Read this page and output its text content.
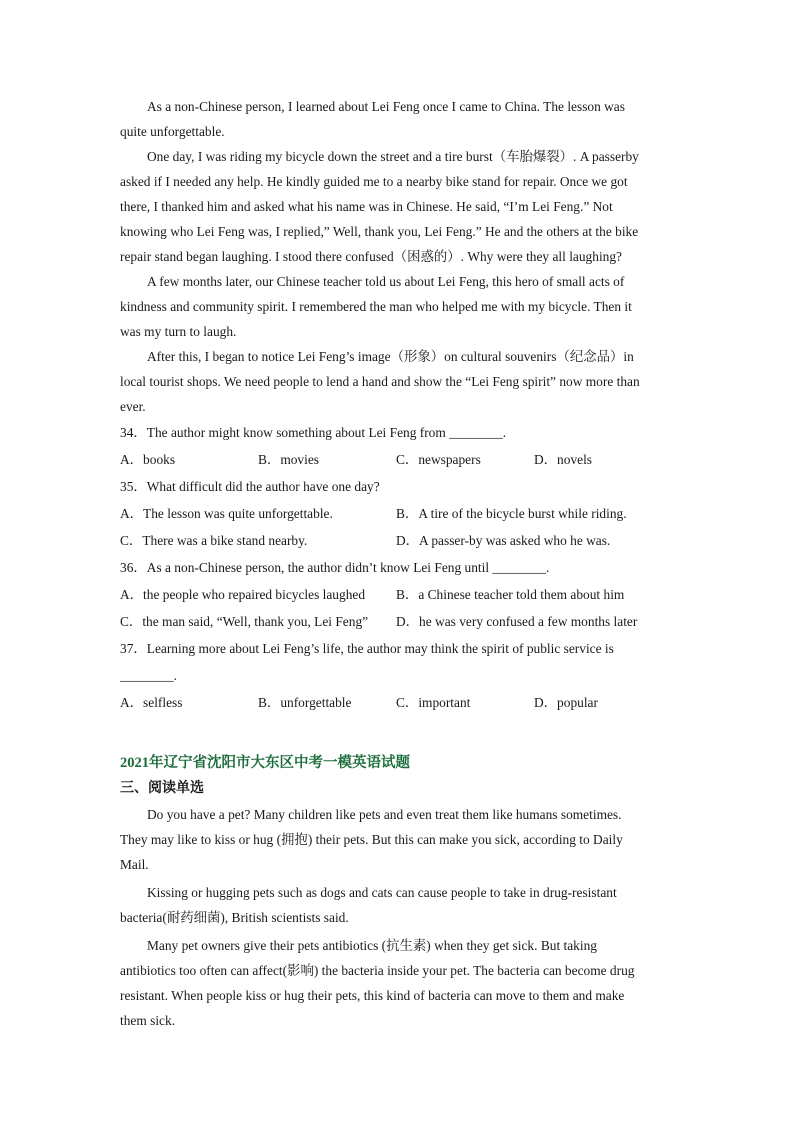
As a non-Chinese person, I learned about Lei Feng once I came to China. The lesson was

quite unforgettable.

One day, I was riding my bicycle down the street and a tire burst（车胎爆裂）. A passerby

asked if I needed any help. He kindly guided me to a nearby bike stand for repair. Once we got

there, I thanked him and asked what his name was in Chinese. He said, “I’m Lei Feng.” Not

knowing who Lei Feng was, I replied,” Well, thank you, Lei Feng.” He and the others at the bike

repair stand began laughing. I stood there confused（困惑的）. Why were they all laughing?

A few months later, our Chinese teacher told us about Lei Feng, this hero of small acts of

kindness and community spirit. I remembered the man who helped me with my bicycle. Then it

was my turn to laugh.

After this, I began to notice Lei Feng’s image（形象）on cultural souvenirs（纪念品）in

local tourist shops. We need people to lend a hand and show the “Lei Feng spirit” now more than

ever.

34．The author might know something about Lei Feng from ________.

A．books	B．movies	C．newspapers	D．novels

35．What difficult did the author have one day?

A．The lesson was quite unforgettable.	B．A tire of the bicycle burst while riding.
C．There was a bike stand nearby.	D．A passer-by was asked who he was.

36．As a non-Chinese person, the author didn’t know Lei Feng until ________.

A．the people who repaired bicycles laughed	B．a Chinese teacher told them about him
C．the man said, “Well, thank you, Lei Feng”	D．he was very confused a few months later

37．Learning more about Lei Feng’s life, the author may think the spirit of public service is

________.

A．selfless	B．unforgettable	C．important	D．popular
2021年辽宁省沈阳市大东区中考一模英语试题
三、阅读单选

Do you have a pet? Many children like pets and even treat them like humans sometimes.

They may like to kiss or hug (拥抱) their pets. But this can make you sick, according to Daily

Mail.

Kissing or hugging pets such as dogs and cats can cause people to take in drug-resistant

bacteria(耐药细菌), British scientists said.

Many pet owners give their pets antibiotics (抗生素) when they get sick. But taking

antibiotics too often can affect(影响) the bacteria inside your pet. The bacteria can become drug

resistant. When people kiss or hug their pets, this kind of bacteria can move to them and make

them sick.
